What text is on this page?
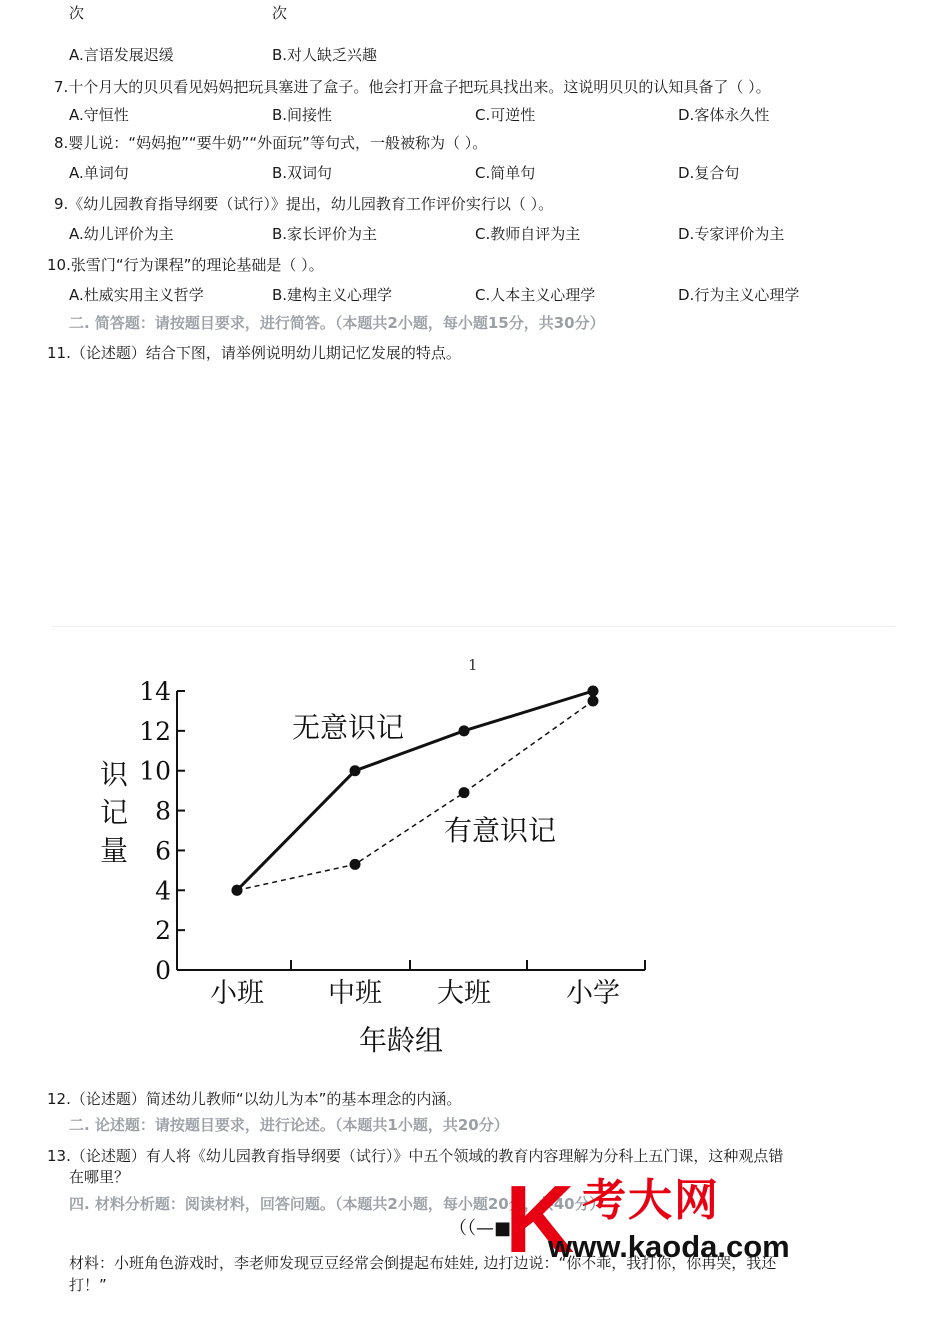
次	次
A.言语发展迟缓	B.对人缺乏兴趣
7.十个月大的贝贝看见妈妈把玩具塞进了盒子。他会打开盒子把玩具找出来。这说明贝贝的认知具备了（ ）。
A.守恒性	B.间接性	C.可逆性	D.客体永久性
8.婴儿说：“妈妈抱”“要牛奶”“外面玩”等句式，一般被称为（ ）。
A.单词句	B.双词句	C.简单句	D.复合句
9.《幼儿园教育指导纲要（试行）》提出，幼儿园教育工作评价实行以（ ）。
A.幼儿评价为主	B.家长评价为主	C.教师自评为主	D.专家评价为主
10.张雪门“行为课程”的理论基础是（ ）。
A.杜威实用主义哲学	B.建构主义心理学	C.人本主义心理学	D.行为主义心理学
二. 简答题：请按题目要求，进行简答。（本题共2小题，每小题15分，共30分）
11.（论述题）结合下图，请举例说明幼儿期记忆发展的特点。
1
0
2
4
6
8
10
12
14
小班 中班 大班	小学
年龄组
识
记
量
无意识记
有意识记
12.（论述题）简述幼儿教师“以幼儿为本”的基本理念的内涵。
二. 论述题：请按题目要求，进行论述。（本题共1小题，共20分）
13.（论述题）有人将《幼儿园教育指导纲要（试行）》中五个领域的教育内容理解为分科上五门课，这种观点错
在哪里？
四. 材料分析题：阅读材料，回答问题。（本题共2小题，每小题20分，共40分）
（（—■
K 考大网
www.kaoda.com
材料：小班角色游戏时，李老师发现豆豆经常会倒提起布娃娃, 边打边说：“你不乖，我打你，你再哭，我还
打！”
